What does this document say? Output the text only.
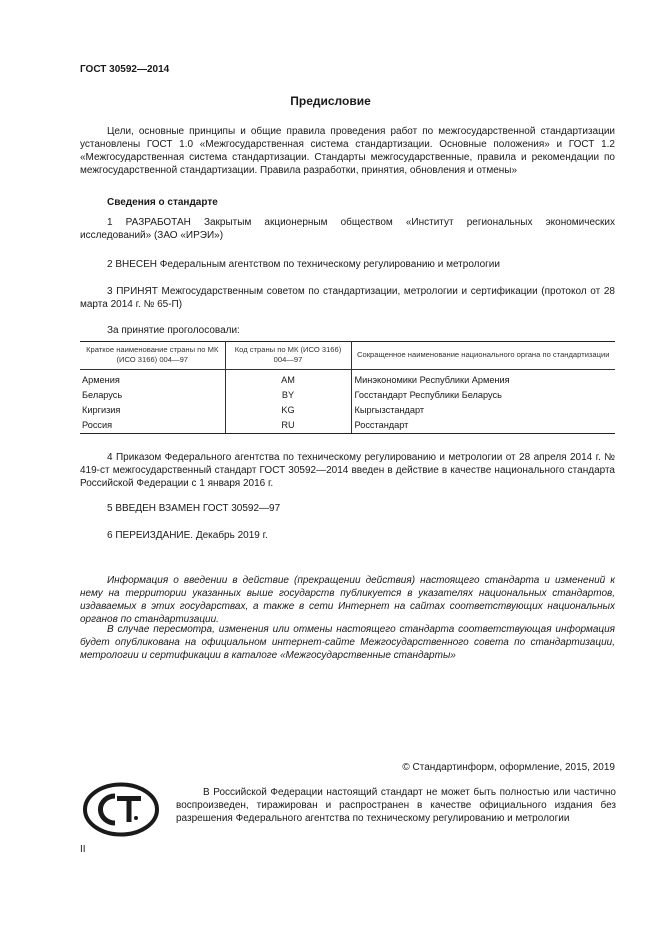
ГОСТ 30592—2014
Предисловие
Цели, основные принципы и общие правила проведения работ по межгосударственной стандартизации установлены ГОСТ 1.0 «Межгосударственная система стандартизации. Основные положения» и ГОСТ 1.2 «Межгосударственная система стандартизации. Стандарты межгосударственные, правила и рекомендации по межгосударственной стандартизации. Правила разработки, принятия, обновления и отмены»
Сведения о стандарте
1 РАЗРАБОТАН Закрытым акционерным обществом «Институт региональных экономических исследований» (ЗАО «ИРЭИ»)
2 ВНЕСЕН Федеральным агентством по техническому регулированию и метрологии
3 ПРИНЯТ Межгосударственным советом по стандартизации, метрологии и сертификации (протокол от 28 марта 2014 г. № 65-П)
За принятие проголосовали:
Краткое наименование страны по МК (ИСО 3166) 004—97	Код страны по МК (ИСО 3166) 004—97	Сокращенное наименование национального органа по стандартизации
Армения	AM	Минэкономики Республики Армения
Беларусь	BY	Госстандарт Республики Беларусь
Киргизия	KG	Кыргызстандарт
Россия	RU	Росстандарт
4 Приказом Федерального агентства по техническому регулированию и метрологии от 28 апреля 2014 г. № 419-ст межгосударственный стандарт ГОСТ 30592—2014 введен в действие в качестве национального стандарта Российской Федерации с 1 января 2016 г.
5 ВВЕДЕН ВЗАМЕН ГОСТ 30592—97
6 ПЕРЕИЗДАНИЕ. Декабрь 2019 г.
Информация о введении в действие (прекращении действия) настоящего стандарта и изменений к нему на территории указанных выше государств публикуется в указателях национальных стандартов, издаваемых в этих государствах, а также в сети Интернет на сайтах соответствующих национальных органов по стандартизации.
В случае пересмотра, изменения или отмены настоящего стандарта соответствующая информация будет опубликована на официальном интернет-сайте Межгосударственного совета по стандартизации, метрологии и сертификации в каталоге «Межгосударственные стандарты»
© Стандартинформ, оформление, 2015, 2019
В Российской Федерации настоящий стандарт не может быть полностью или частично воспроизведен, тиражирован и распространен в качестве официального издания без разрешения Федерального агентства по техническому регулированию и метрологии
II
